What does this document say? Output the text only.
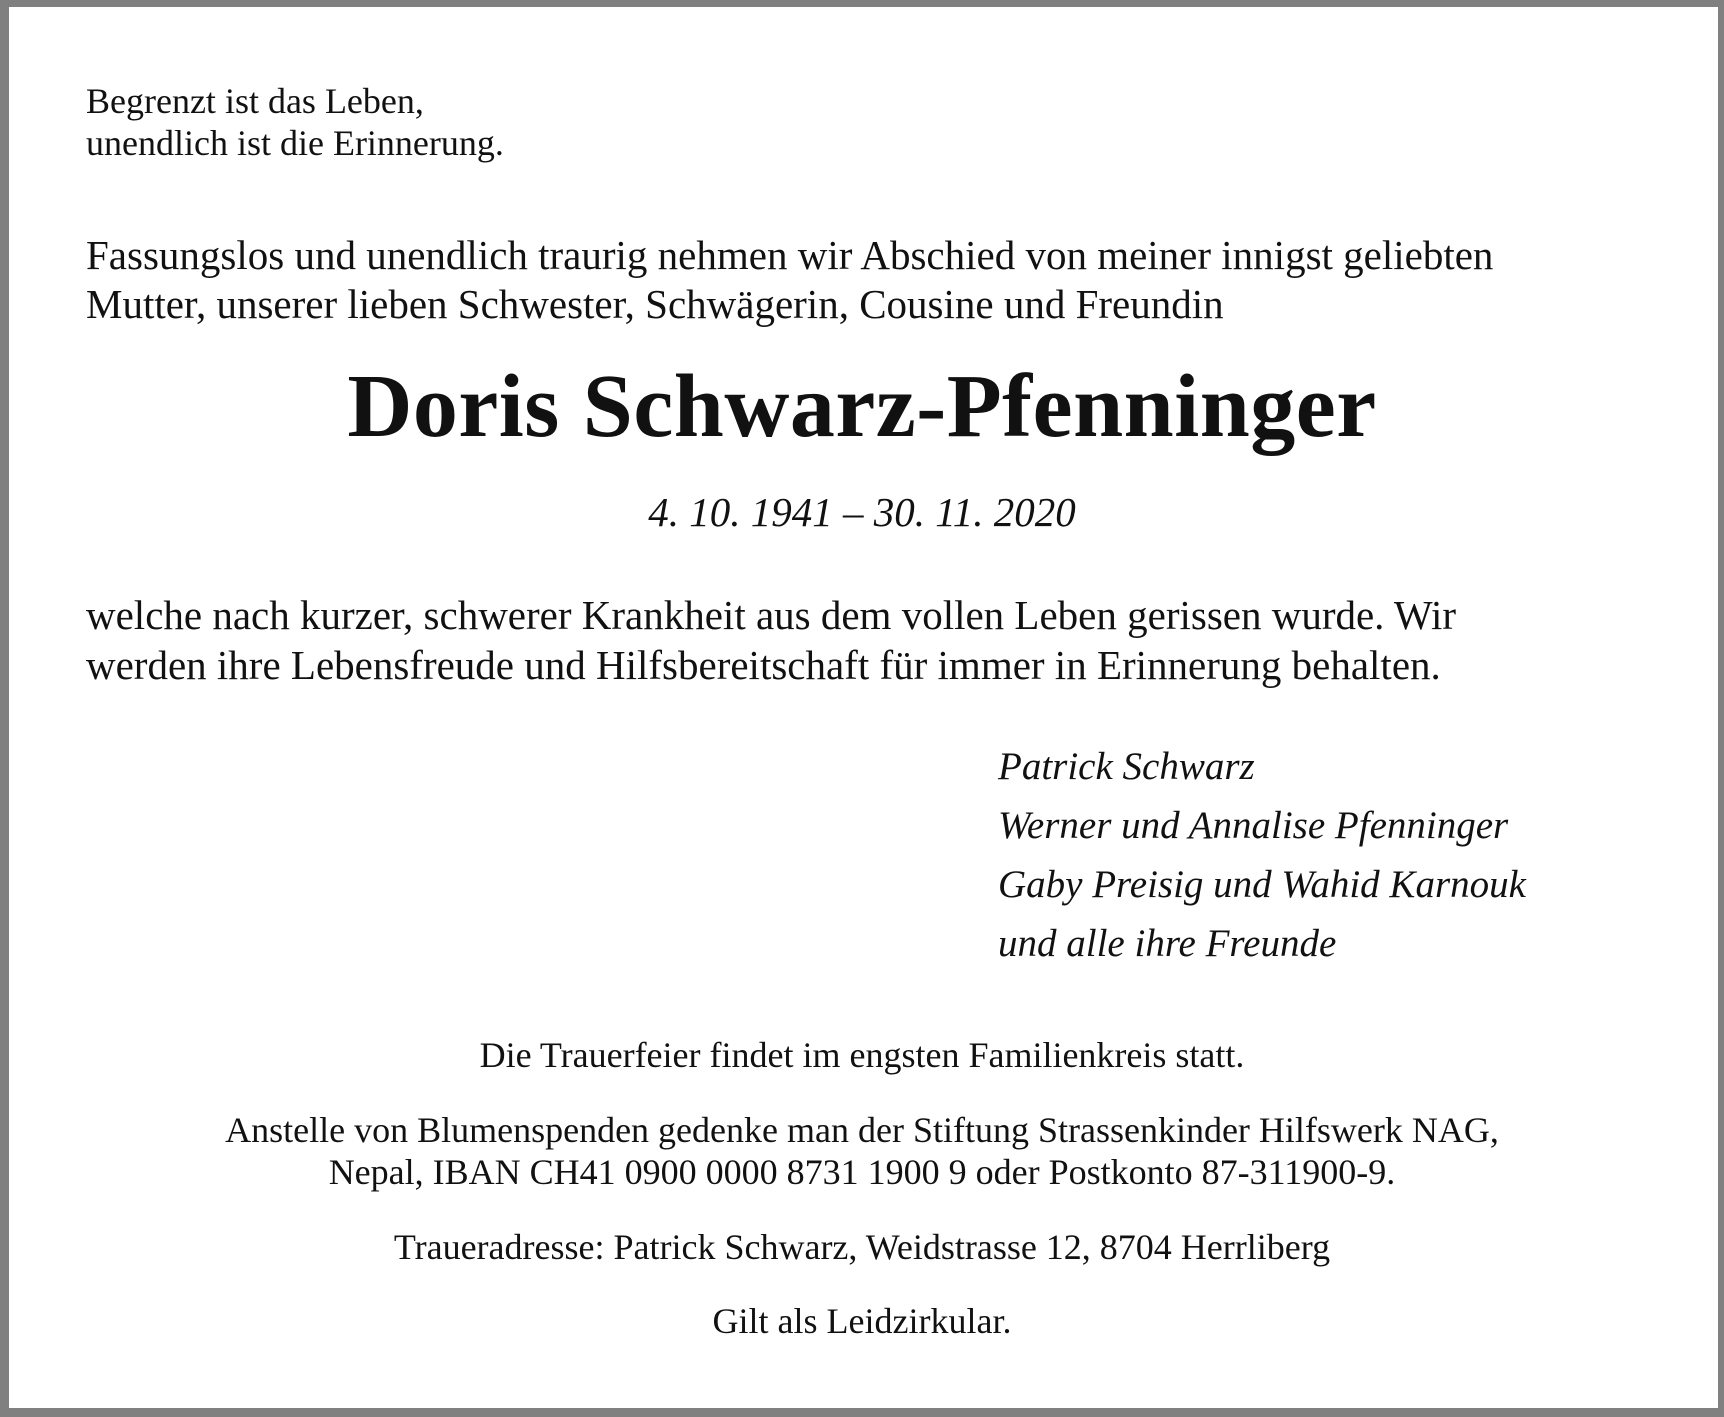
Begrenzt ist das Leben,
unendlich ist die Erinnerung.

Fassungslos und unendlich traurig nehmen wir Abschied von meiner innigst geliebten
Mutter, unserer lieben Schwester, Schwägerin, Cousine und Freundin

Doris Schwarz-Pfenninger

4. 10. 1941 – 30. 11. 2020

welche nach kurzer, schwerer Krankheit aus dem vollen Leben gerissen wurde. Wir
werden ihre Lebensfreude und Hilfsbereitschaft für immer in Erinnerung behalten.

Patrick Schwarz
Werner und Annalise Pfenninger
Gaby Preisig und Wahid Karnouk
und alle ihre Freunde

Die Trauerfeier findet im engsten Familienkreis statt.

Anstelle von Blumenspenden gedenke man der Stiftung Strassenkinder Hilfswerk NAG,
Nepal, IBAN CH41 0900 0000 8731 1900 9 oder Postkonto 87-311900-9.

Traueradresse: Patrick Schwarz, Weidstrasse 12, 8704 Herrliberg

Gilt als Leidzirkular.
